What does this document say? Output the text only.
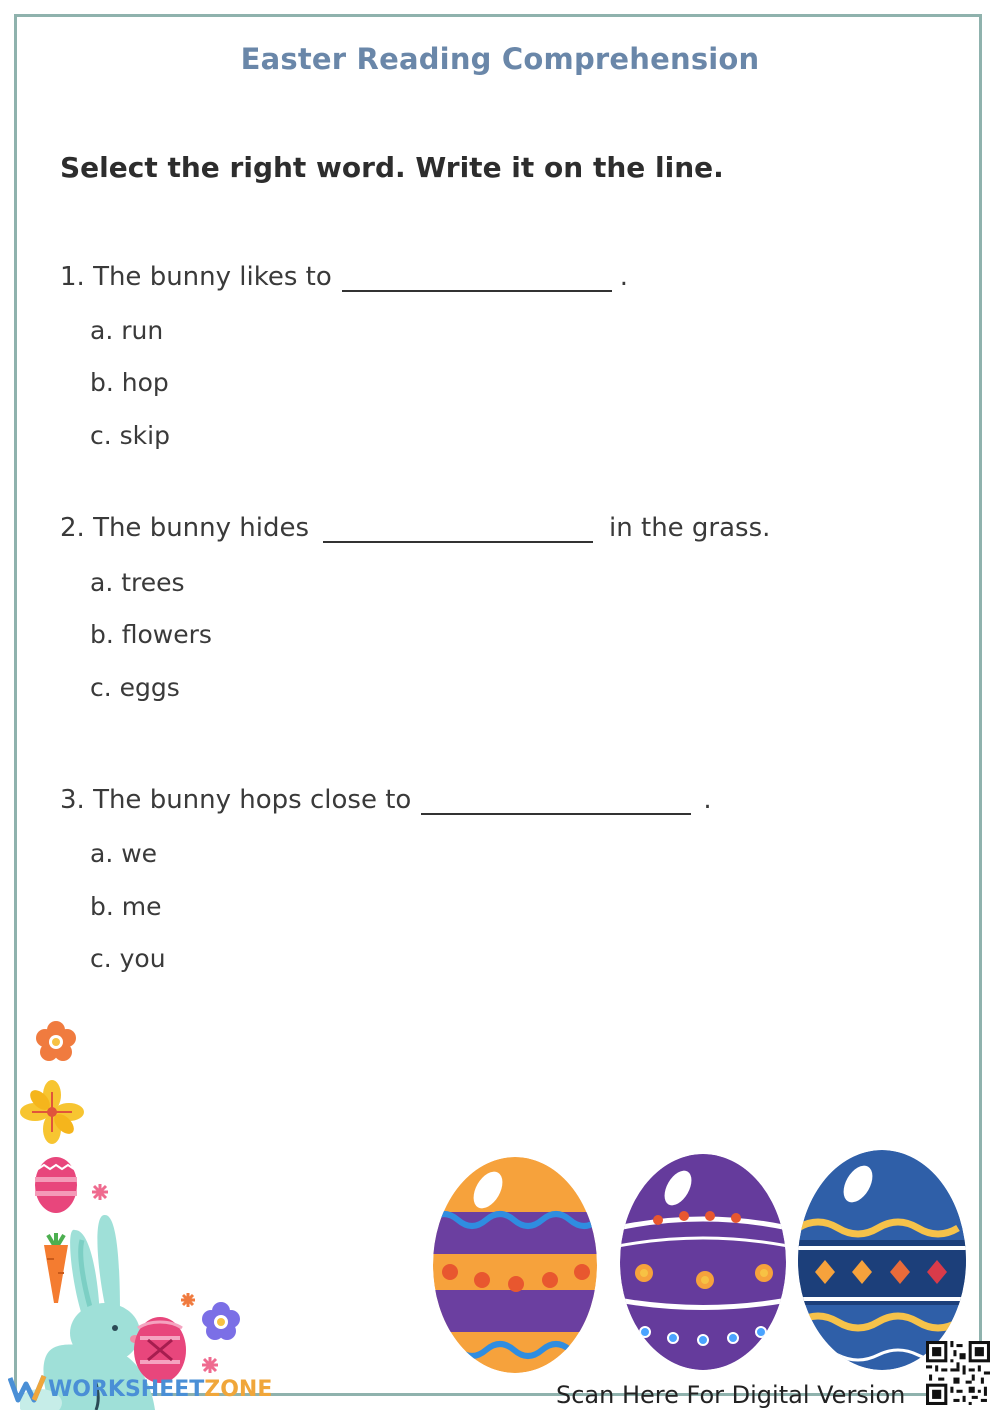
Easter Reading Comprehension
Select the right word. Write it on the line.
1. The bunny likes to	.
a. run
b. hop
c. skip
2. The bunny hides	in the grass.
a. trees
b. flowers
c. eggs
3. The bunny hops close to	.
a. we
b. me
c. you
WORKSHEET ZONE	Scan Here For Digital Version
